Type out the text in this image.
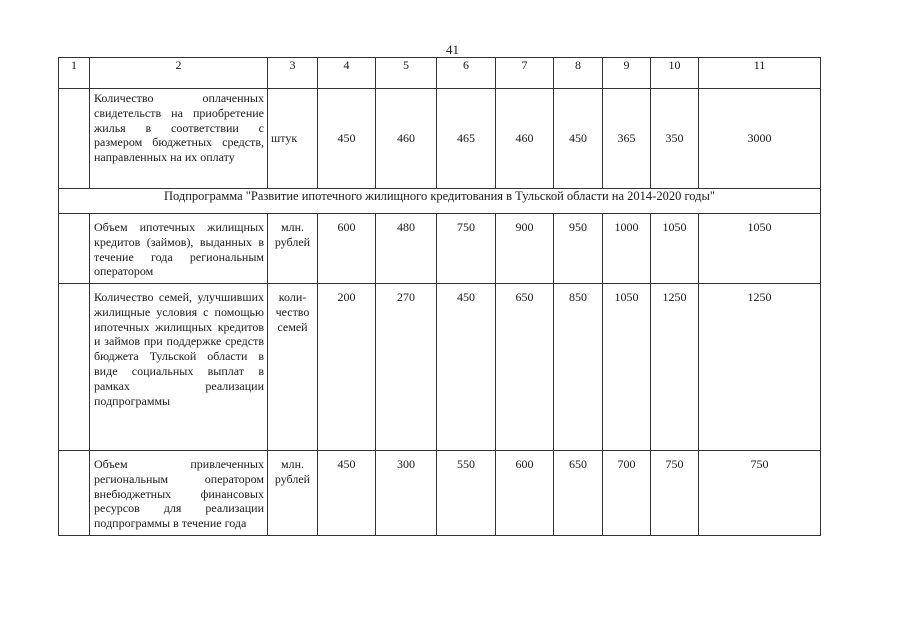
41
1	2	3	4	5	6	7	8	9	10	11
	Количество оплаченных свидетельств на приобретение жилья в соответствии с размером бюджетных средств, направленных на их оплату	штук	450	460	465	460	450	365	350	3000
Подпрограмма "Развитие ипотечного жилищного кредитования в Тульской области на 2014-2020 годы"										
	Объем ипотечных жилищных кредитов (займов), выданных в течение года региональным оператором	млн. рублей	600	480	750	900	950	1000	1050	1050
	Количество семей, улучшивших жилищные условия с помощью ипотечных жилищных кредитов и займов при поддержке средств бюджета Тульской области в виде социальных выплат в рамках реализации подпрограммы	коли-чество семей	200	270	450	650	850	1050	1250	1250
	Объем привлеченных региональным оператором внебюджетных финансовых ресурсов для реализации подпрограммы в течение года	млн. рублей	450	300	550	600	650	700	750	750
